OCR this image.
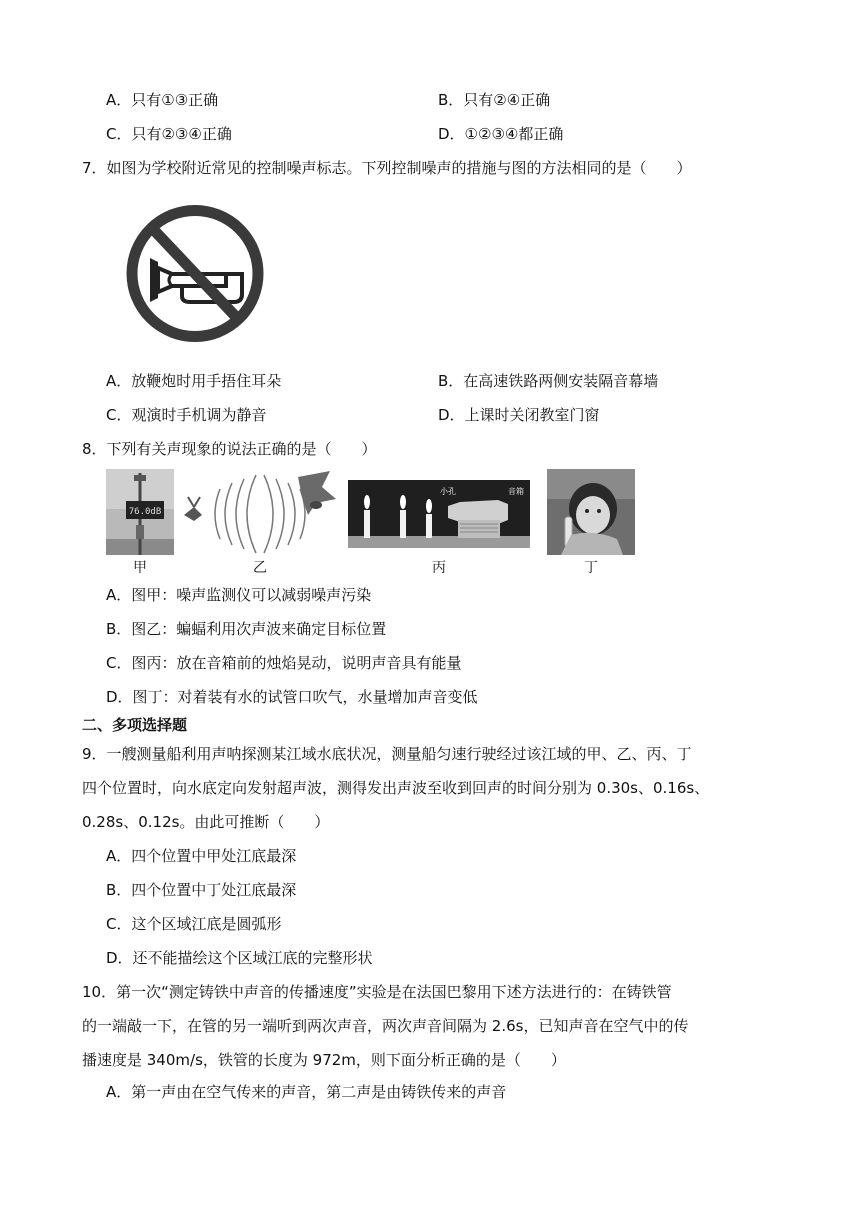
A．只有①③正确	B．只有②④正确
C．只有②③④正确	D．①②③④都正确
7．如图为学校附近常见的控制噪声标志。下列控制噪声的措施与图的方法相同的是（　　）
A．放鞭炮时用手捂住耳朵	B．在高速铁路两侧安装隔音幕墙
C．观演时手机调为静音	D．上课时关闭教室门窗
8．下列有关声现象的说法正确的是（　　）
76.0dB
小孔	音箱
甲	乙	丙	丁
A．图甲：噪声监测仪可以减弱噪声污染
B．图乙：蝙蝠利用次声波来确定目标位置
C．图丙：放在音箱前的烛焰晃动，说明声音具有能量
D．图丁：对着装有水的试管口吹气，水量增加声音变低
二、多项选择题
9．一艘测量船利用声呐探测某江域水底状况，测量船匀速行驶经过该江域的甲、乙、丙、丁
四个位置时，向水底定向发射超声波，测得发出声波至收到回声的时间分别为 0.30s、0.16s、
0.28s、0.12s。由此可推断（　　）
A．四个位置中甲处江底最深
B．四个位置中丁处江底最深
C．这个区域江底是圆弧形
D．还不能描绘这个区域江底的完整形状
10．第一次“测定铸铁中声音的传播速度”实验是在法国巴黎用下述方法进行的：在铸铁管
的一端敲一下，在管的另一端听到两次声音，两次声音间隔为 2.6s，已知声音在空气中的传
播速度是 340m/s，铁管的长度为 972m，则下面分析正确的是（　　）
A．第一声由在空气传来的声音，第二声是由铸铁传来的声音
